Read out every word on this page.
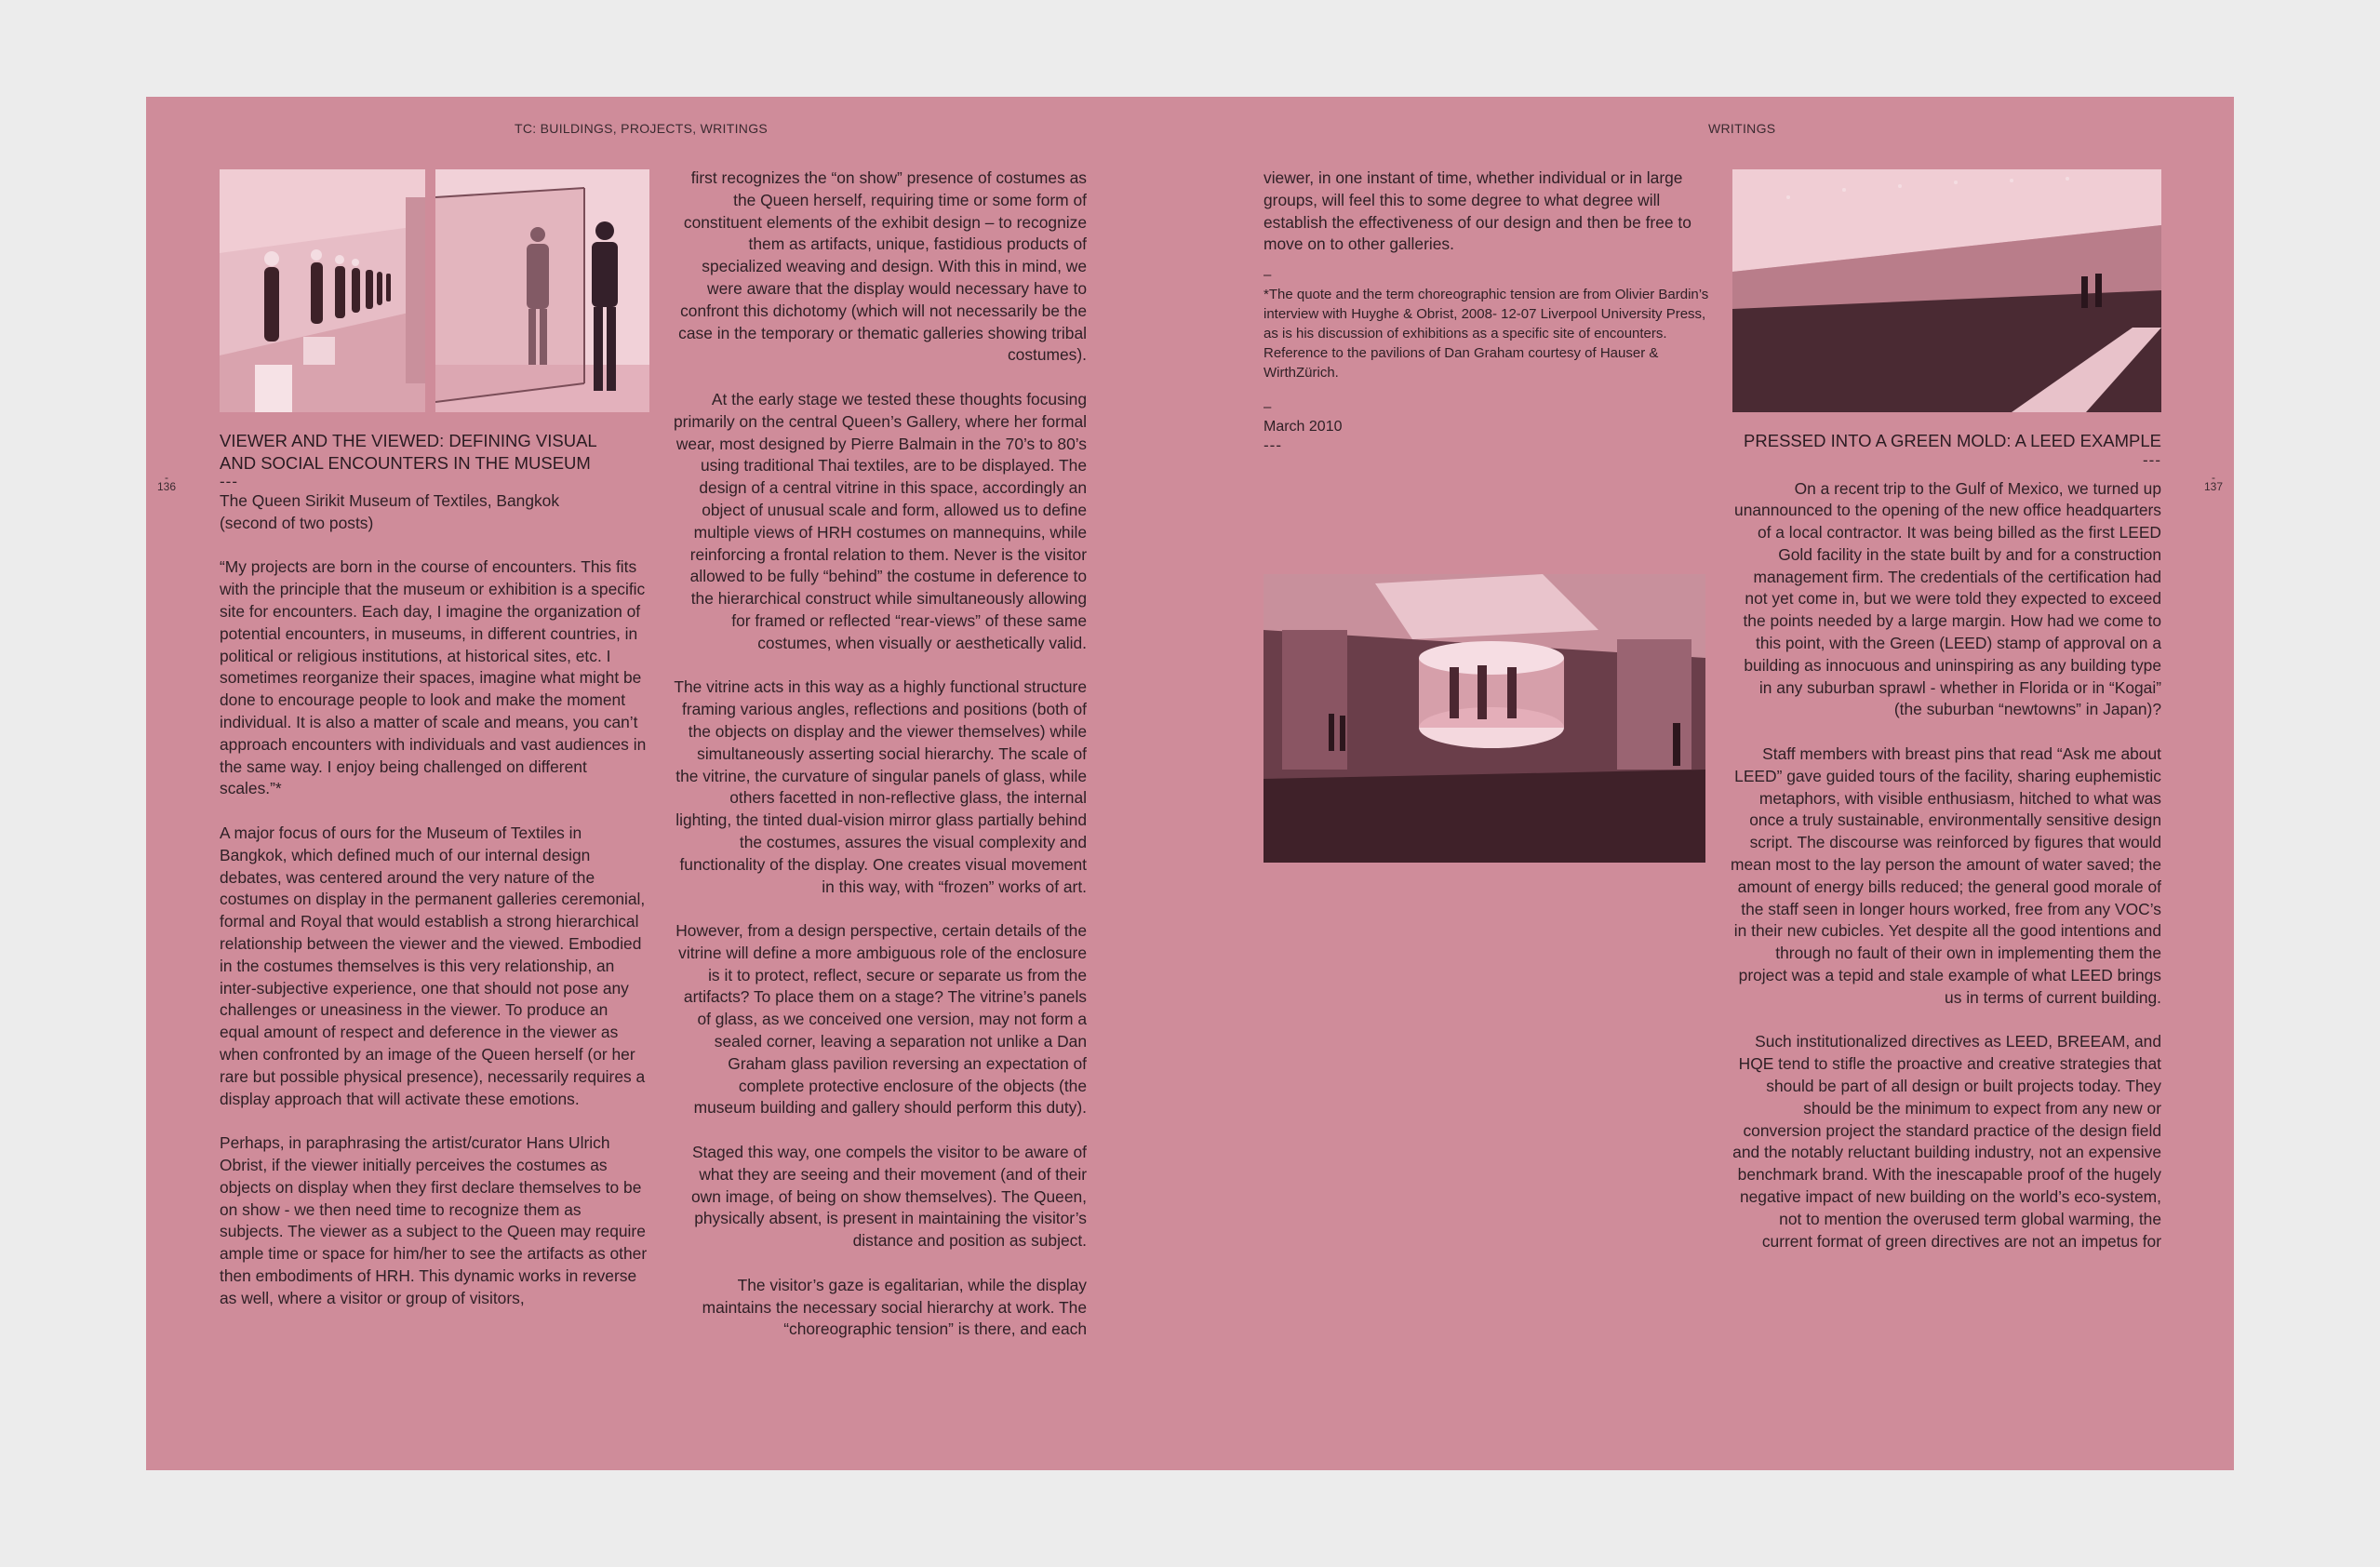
TC: BUILDINGS, PROJECTS, WRITINGS	WRITINGS
-
136
-
137
VIEWER AND THE VIEWED: DEFINING VISUAL
AND SOCIAL ENCOUNTERS IN THE MUSEUM
---
The Queen Sirikit Museum of Textiles, Bangkok
(second of two posts)

“My projects are born in the course of encounters. This fits with the principle that the museum or exhibition is a specific site for encounters. Each day, I imagine the organization of potential encounters, in museums, in different countries, in political or religious institutions, at historical sites, etc. I sometimes reorganize their spaces, imagine what might be done to encourage people to look and make the moment individual. It is also a matter of scale and means, you can’t approach encounters with individuals and vast audiences in the same way. I enjoy being challenged on different scales.”*

A major focus of ours for the Museum of Textiles in Bangkok, which defined much of our internal design debates, was centered around the very nature of the costumes on display in the permanent galleries ceremonial, formal and Royal that would establish a strong hierarchical relationship between the viewer and the viewed. Embodied in the costumes themselves is this very relationship, an inter-subjective experience, one that should not pose any challenges or uneasiness in the viewer. To produce an equal amount of respect and deference in the viewer as when confronted by an image of the Queen herself (or her rare but possible physical presence), necessarily requires a display approach that will activate these emotions.

Perhaps, in paraphrasing the artist/curator Hans Ulrich Obrist, if the viewer initially perceives the costumes as objects on display when they first declare themselves to be on show - we then need time to recognize them as subjects. The viewer as a subject to the Queen may require ample time or space for him/her to see the artifacts as other then embodiments of HRH. This dynamic works in reverse as well, where a visitor or group of visitors,

first recognizes the “on show” presence of costumes as the Queen herself, requiring time or some form of constituent elements of the exhibit design – to recognize them as artifacts, unique, fastidious products of specialized weaving and design. With this in mind, we were aware that the display would necessary have to confront this dichotomy (which will not necessarily be the case in the temporary or thematic galleries showing tribal costumes).

At the early stage we tested these thoughts focusing primarily on the central Queen’s Gallery, where her formal wear, most designed by Pierre Balmain in the 70’s to 80’s using traditional Thai textiles, are to be displayed. The design of a central vitrine in this space, accordingly an object of unusual scale and form, allowed us to define multiple views of HRH costumes on mannequins, while reinforcing a frontal relation to them. Never is the visitor allowed to be fully “behind” the costume in deference to the hierarchical construct while simultaneously allowing for framed or reflected “rear-views” of these same costumes, when visually or aesthetically valid.

The vitrine acts in this way as a highly functional structure framing various angles, reflections and positions (both of the objects on display and the viewer themselves) while simultaneously asserting social hierarchy. The scale of the vitrine, the curvature of singular panels of glass, while others facetted in non-reflective glass, the internal lighting, the tinted dual-vision mirror glass partially behind the costumes, assures the visual complexity and functionality of the display. One creates visual movement in this way, with “frozen” works of art.

However, from a design perspective, certain details of the vitrine will define a more ambiguous role of the enclosure is it to protect, reflect, secure or separate us from the artifacts? To place them on a stage? The vitrine’s panels of glass, as we conceived one version, may not form a sealed corner, leaving a separation not unlike a Dan Graham glass pavilion reversing an expectation of complete protective enclosure of the objects (the museum building and gallery should perform this duty).

Staged this way, one compels the visitor to be aware of what they are seeing and their movement (and of their own image, of being on show themselves). The Queen, physically absent, is present in maintaining the visitor’s distance and position as subject.

The visitor’s gaze is egalitarian, while the display maintains the necessary social hierarchy at work. The “choreographic tension” is there, and each

viewer, in one instant of time, whether individual or in large groups, will feel this to some degree to what degree will establish the effectiveness of our design and then be free to move on to other galleries.

–
*The quote and the term choreographic tension are from Olivier Bardin’s interview with Huyghe & Obrist, 2008- 12-07 Liverpool University Press, as is his discussion of exhibitions as a specific site of encounters. Reference to the pavilions of Dan Graham courtesy of Hauser & WirthZürich.
–
March 2010
---	PRESSED INTO A GREEN MOLD: A LEED EXAMPLE
---

On a recent trip to the Gulf of Mexico, we turned up unannounced to the opening of the new office headquarters of a local contractor. It was being billed as the first LEED Gold facility in the state built by and for a construction management firm. The credentials of the certification had not yet come in, but we were told they expected to exceed the points needed by a large margin. How had we come to this point, with the Green (LEED) stamp of approval on a building as innocuous and uninspiring as any building type in any suburban sprawl - whether in Florida or in “Kogai” (the suburban “newtowns” in Japan)?

Staff members with breast pins that read “Ask me about LEED” gave guided tours of the facility, sharing euphemistic metaphors, with visible enthusiasm, hitched to what was once a truly sustainable, environmentally sensitive design script. The discourse was reinforced by figures that would mean most to the lay person the amount of water saved; the amount of energy bills reduced; the general good morale of the staff seen in longer hours worked, free from any VOC’s in their new cubicles. Yet despite all the good intentions and through no fault of their own in implementing them the project was a tepid and stale example of what LEED brings us in terms of current building.

Such institutionalized directives as LEED, BREEAM, and HQE tend to stifle the proactive and creative strategies that should be part of all design or built projects today. They should be the minimum to expect from any new or conversion project the standard practice of the design field and the notably reluctant building industry, not an expensive benchmark brand. With the inescapable proof of the hugely negative impact of new building on the world’s eco-system, not to mention the overused term global warming, the current format of green directives are not an impetus for
